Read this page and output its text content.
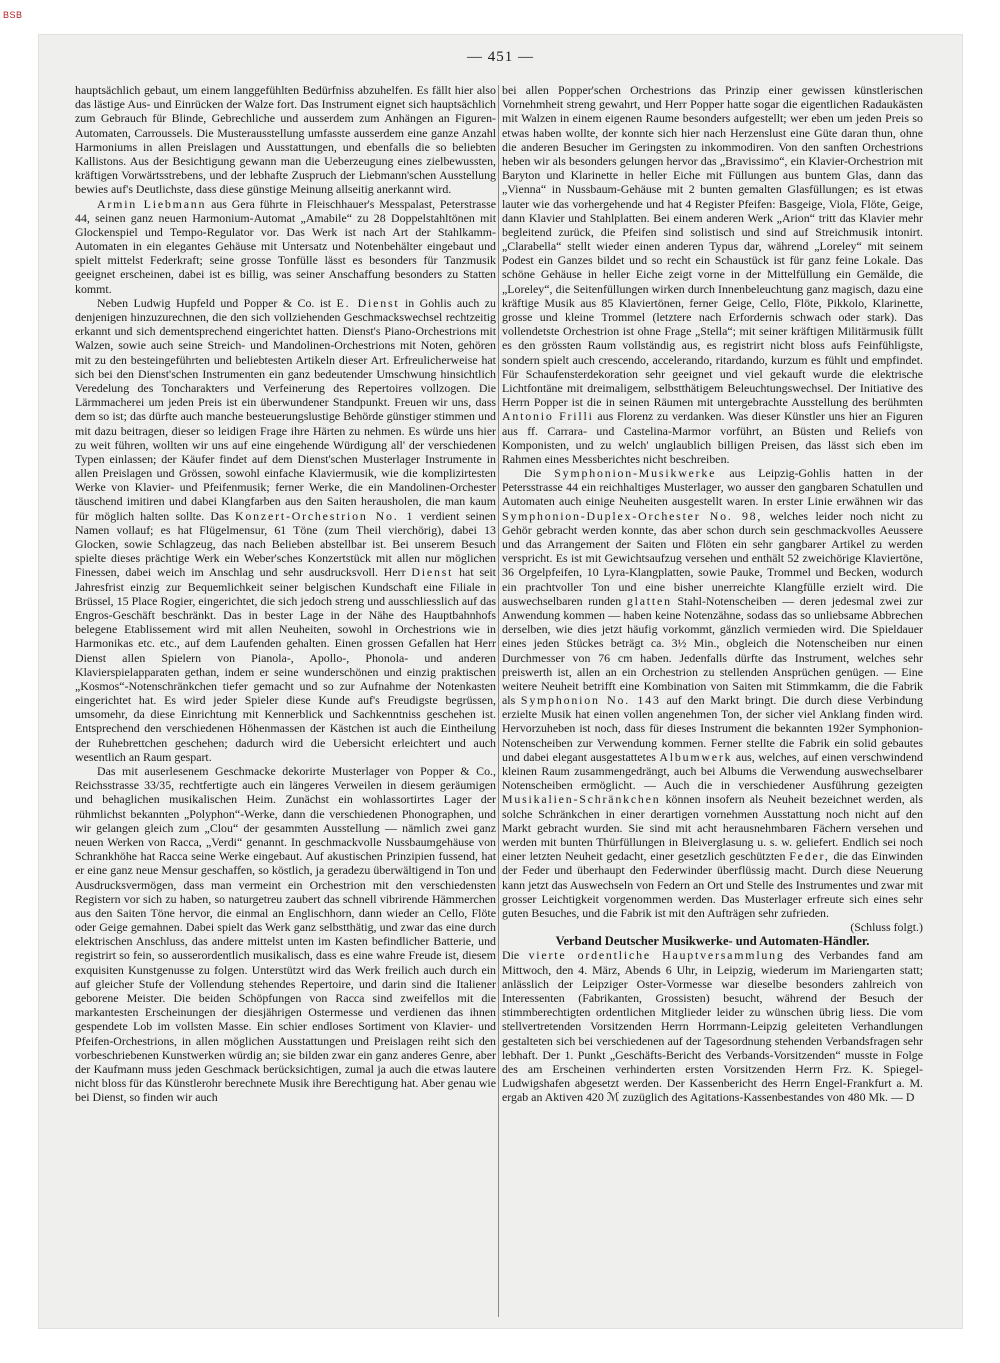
BSB
— 451 —

hauptsächlich gebaut, um einem langgefühlten Bedürfniss abzuhelfen. Es fällt hier also das lästige Aus- und Einrücken der Walze fort. Das Instrument eignet sich hauptsächlich zum Gebrauch für Blinde, Gebrechliche und ausserdem zum Anhängen an Figuren-Automaten, Carroussels. Die Musterausstellung umfasste ausserdem eine ganze Anzahl Harmoniums in allen Preislagen und Ausstattungen, und ebenfalls die so beliebten Kallistons. Aus der Besichtigung gewann man die Ueberzeugung eines zielbewussten, kräftigen Vorwärtsstrebens, und der lebhafte Zuspruch der Liebmann'schen Ausstellung bewies auf's Deutlichste, dass diese günstige Meinung allseitig anerkannt wird.

Armin Liebmann aus Gera führte in Fleischhauer's Messpalast, Peterstrasse 44, seinen ganz neuen Harmonium-Automat „Amabile“ zu 28 Doppelstahltönen mit Glockenspiel und Tempo-Regulator vor. Das Werk ist nach Art der Stahlkamm-Automaten in ein elegantes Gehäuse mit Untersatz und Notenbehälter eingebaut und spielt mittelst Federkraft; seine grosse Tonfülle lässt es besonders für Tanzmusik geeignet erscheinen, dabei ist es billig, was seiner Anschaffung besonders zu Statten kommt.

Neben Ludwig Hupfeld und Popper & Co. ist E. Dienst in Gohlis auch zu denjenigen hinzuzurechnen, die den sich vollziehenden Geschmackswechsel rechtzeitig erkannt und sich dementsprechend eingerichtet hatten. Dienst's Piano-Orchestrions mit Walzen, sowie auch seine Streich- und Mandolinen-Orchestrions mit Noten, gehören mit zu den besteingeführten und beliebtesten Artikeln dieser Art. Erfreulicherweise hat sich bei den Dienst'schen Instrumenten ein ganz bedeutender Umschwung hinsichtlich Veredelung des Toncharakters und Verfeinerung des Repertoires vollzogen. Die Lärmmacherei um jeden Preis ist ein überwundener Standpunkt. Freuen wir uns, dass dem so ist; das dürfte auch manche besteuerungslustige Behörde günstiger stimmen und mit dazu beitragen, dieser so leidigen Frage ihre Härten zu nehmen. Es würde uns hier zu weit führen, wollten wir uns auf eine eingehende Würdigung all' der verschiedenen Typen einlassen; der Käufer findet auf dem Dienst'schen Musterlager Instrumente in allen Preislagen und Grössen, sowohl einfache Klaviermusik, wie die komplizirtesten Werke von Klavier- und Pfeifenmusik; ferner Werke, die ein Mandolinen-Orchester täuschend imitiren und dabei Klangfarben aus den Saiten herausholen, die man kaum für möglich halten sollte. Das Konzert-Orchestrion No. 1 verdient seinen Namen vollauf; es hat Flügelmensur, 61 Töne (zum Theil vierchörig), dabei 13 Glocken, sowie Schlagzeug, das nach Belieben abstellbar ist. Bei unserem Besuch spielte dieses prächtige Werk ein Weber'sches Konzertstück mit allen nur möglichen Finessen, dabei weich im Anschlag und sehr ausdrucksvoll. Herr Dienst hat seit Jahresfrist einzig zur Bequemlichkeit seiner belgischen Kundschaft eine Filiale in Brüssel, 15 Place Rogier, eingerichtet, die sich jedoch streng und ausschliesslich auf das Engros-Geschäft beschränkt. Das in bester Lage in der Nähe des Hauptbahnhofs belegene Etablissement wird mit allen Neuheiten, sowohl in Orchestrions wie in Harmonikas etc. etc., auf dem Laufenden gehalten. Einen grossen Gefallen hat Herr Dienst allen Spielern von Pianola-, Apollo-, Phonola- und anderen Klavierspielapparaten gethan, indem er seine wunderschönen und einzig praktischen „Kosmos“-Notenschränkchen tiefer gemacht und so zur Aufnahme der Notenkasten eingerichtet hat. Es wird jeder Spieler diese Kunde auf's Freudigste begrüssen, umsomehr, da diese Einrichtung mit Kennerblick und Sachkenntniss geschehen ist. Entsprechend den verschiedenen Höhenmassen der Kästchen ist auch die Eintheilung der Ruhebrettchen geschehen; dadurch wird die Uebersicht erleichtert und auch wesentlich an Raum gespart.

Das mit auserlesenem Geschmacke dekorirte Musterlager von Popper & Co., Reichsstrasse 33/35, rechtfertigte auch ein längeres Verweilen in diesem geräumigen und behaglichen musikalischen Heim. Zunächst ein wohlassortirtes Lager der rühmlichst bekannten „Polyphon“-Werke, dann die verschiedenen Phonographen, und wir gelangen gleich zum „Clou“ der gesammten Ausstellung — nämlich zwei ganz neuen Werken von Racca, „Verdi“ genannt. In geschmackvolle Nussbaumgehäuse von Schrankhöhe hat Racca seine Werke eingebaut. Auf akustischen Prinzipien fussend, hat er eine ganz neue Mensur geschaffen, so köstlich, ja geradezu überwältigend in Ton und Ausdrucksvermögen, dass man vermeint ein Orchestrion mit den verschiedensten Registern vor sich zu haben, so naturgetreu zaubert das schnell vibrirende Hämmerchen aus den Saiten Töne hervor, die einmal an Englischhorn, dann wieder an Cello, Flöte oder Geige gemahnen. Dabei spielt das Werk ganz selbstthätig, und zwar das eine durch elektrischen Anschluss, das andere mittelst unten im Kasten befindlicher Batterie, und registrirt so fein, so ausserordentlich musikalisch, dass es eine wahre Freude ist, diesem exquisiten Kunstgenusse zu folgen. Unterstützt wird das Werk freilich auch durch ein auf gleicher Stufe der Vollendung stehendes Repertoire, und darin sind die Italiener geborene Meister. Die beiden Schöpfungen von Racca sind zweifellos mit die markantesten Erscheinungen der diesjährigen Ostermesse und verdienen das ihnen gespendete Lob im vollsten Masse. Ein schier endloses Sortiment von Klavier- und Pfeifen-Orchestrions, in allen möglichen Ausstattungen und Preislagen reiht sich den vorbeschriebenen Kunstwerken würdig an; sie bilden zwar ein ganz anderes Genre, aber der Kaufmann muss jeden Geschmack berücksichtigen, zumal ja auch die etwas lautere nicht bloss für das Künstlerohr berechnete Musik ihre Berechtigung hat. Aber genau wie bei Dienst, so finden wir auch

bei allen Popper'schen Orchestrions das Prinzip einer gewissen künstlerischen Vornehmheit streng gewahrt, und Herr Popper hatte sogar die eigentlichen Radaukästen mit Walzen in einem eigenen Raume besonders aufgestellt; wer eben um jeden Preis so etwas haben wollte, der konnte sich hier nach Herzenslust eine Güte daran thun, ohne die anderen Besucher im Geringsten zu inkommodiren. Von den sanften Orchestrions heben wir als besonders gelungen hervor das „Bravissimo“, ein Klavier-Orchestrion mit Baryton und Klarinette in heller Eiche mit Füllungen aus buntem Glas, dann das „Vienna“ in Nussbaum-Gehäuse mit 2 bunten gemalten Glasfüllungen; es ist etwas lauter wie das vorhergehende und hat 4 Register Pfeifen: Basgeige, Viola, Flöte, Geige, dann Klavier und Stahlplatten. Bei einem anderen Werk „Arion“ tritt das Klavier mehr begleitend zurück, die Pfeifen sind solistisch und sind auf Streichmusik intonirt. „Clarabella“ stellt wieder einen anderen Typus dar, während „Loreley“ mit seinem Podest ein Ganzes bildet und so recht ein Schaustück ist für ganz feine Lokale. Das schöne Gehäuse in heller Eiche zeigt vorne in der Mittelfüllung ein Gemälde, die „Loreley“, die Seitenfüllungen wirken durch Innenbeleuchtung ganz magisch, dazu eine kräftige Musik aus 85 Klaviertönen, ferner Geige, Cello, Flöte, Pikkolo, Klarinette, grosse und kleine Trommel (letztere nach Erfordernis schwach oder stark). Das vollendetste Orchestrion ist ohne Frage „Stella“; mit seiner kräftigen Militärmusik füllt es den grössten Raum vollständig aus, es registrirt nicht bloss aufs Feinfühligste, sondern spielt auch crescendo, accelerando, ritardando, kurzum es fühlt und empfindet. Für Schaufensterdekoration sehr geeignet und viel gekauft wurde die elektrische Lichtfontäne mit dreimaligem, selbstthätigem Beleuchtungswechsel. Der Initiative des Herrn Popper ist die in seinen Räumen mit untergebrachte Ausstellung des berühmten Antonio Frilli aus Florenz zu verdanken. Was dieser Künstler uns hier an Figuren aus ff. Carrara- und Castelina-Marmor vorführt, an Büsten und Reliefs von Komponisten, und zu welch' unglaublich billigen Preisen, das lässt sich eben im Rahmen eines Messberichtes nicht beschreiben.

Die Symphonion-Musikwerke aus Leipzig-Gohlis hatten in der Petersstrasse 44 ein reichhaltiges Musterlager, wo ausser den gangbaren Schatullen und Automaten auch einige Neuheiten ausgestellt waren. In erster Linie erwähnen wir das Symphonion-Duplex-Orchester No. 98, welches leider noch nicht zu Gehör gebracht werden konnte, das aber schon durch sein geschmackvolles Aeussere und das Arrangement der Saiten und Flöten ein sehr gangbarer Artikel zu werden verspricht. Es ist mit Gewichtsaufzug versehen und enthält 52 zweichörige Klaviertöne, 36 Orgelpfeifen, 10 Lyra-Klangplatten, sowie Pauke, Trommel und Becken, wodurch ein prachtvoller Ton und eine bisher unerreichte Klangfülle erzielt wird. Die auswechselbaren runden glatten Stahl-Notenscheiben — deren jedesmal zwei zur Anwendung kommen — haben keine Notenzähne, sodass das so unliebsame Abbrechen derselben, wie dies jetzt häufig vorkommt, gänzlich vermieden wird. Die Spieldauer eines jeden Stückes beträgt ca. 3½ Min., obgleich die Notenscheiben nur einen Durchmesser von 76 cm haben. Jedenfalls dürfte das Instrument, welches sehr preiswerth ist, allen an ein Orchestrion zu stellenden Ansprüchen genügen. — Eine weitere Neuheit betrifft eine Kombination von Saiten mit Stimmkamm, die die Fabrik als Symphonion No. 143 auf den Markt bringt. Die durch diese Verbindung erzielte Musik hat einen vollen angenehmen Ton, der sicher viel Anklang finden wird. Hervorzuheben ist noch, dass für dieses Instrument die bekannten 192er Symphonion-Notenscheiben zur Verwendung kommen. Ferner stellte die Fabrik ein solid gebautes und dabei elegant ausgestattetes Albumwerk aus, welches, auf einen verschwindend kleinen Raum zusammengedrängt, auch bei Albums die Verwendung auswechselbarer Notenscheiben ermöglicht. — Auch die in verschiedener Ausführung gezeigten Musikalien-Schränkchen können insofern als Neuheit bezeichnet werden, als solche Schränkchen in einer derartigen vornehmen Ausstattung noch nicht auf den Markt gebracht wurden. Sie sind mit acht herausnehmbaren Fächern versehen und werden mit bunten Thürfüllungen in Bleiverglasung u. s. w. geliefert. Endlich sei noch einer letzten Neuheit gedacht, einer gesetzlich geschützten Feder, die das Einwinden der Feder und überhaupt den Federwinder überflüssig macht. Durch diese Neuerung kann jetzt das Auswechseln von Federn an Ort und Stelle des Instrumentes und zwar mit grosser Leichtigkeit vorgenommen werden. Das Musterlager erfreute sich eines sehr guten Besuches, und die Fabrik ist mit den Aufträgen sehr zufrieden.

(Schluss folgt.)

Verband Deutscher Musikwerke- und Automaten-Händler.

Die vierte ordentliche Hauptversammlung des Verbandes fand am Mittwoch, den 4. März, Abends 6 Uhr, in Leipzig, wiederum im Mariengarten statt; anlässlich der Leipziger Oster-Vormesse war dieselbe besonders zahlreich von Interessenten (Fabrikanten, Grossisten) besucht, während der Besuch der stimmberechtigten ordentlichen Mitglieder leider zu wünschen übrig liess. Die vom stellvertretenden Vorsitzenden Herrn Horrmann-Leipzig geleiteten Verhandlungen gestalteten sich bei verschiedenen auf der Tagesordnung stehenden Verbandsfragen sehr lebhaft. Der 1. Punkt „Geschäfts-Bericht des Verbands-Vorsitzenden“ musste in Folge des am Erscheinen verhinderten ersten Vorsitzenden Herrn Frz. K. Spiegel-Ludwigshafen abgesetzt werden. Der Kassenbericht des Herrn Engel-Frankfurt a. M. ergab an Aktiven 420 ℳ zuzüglich des Agitations-Kassenbestandes von 480 Mk. — D
